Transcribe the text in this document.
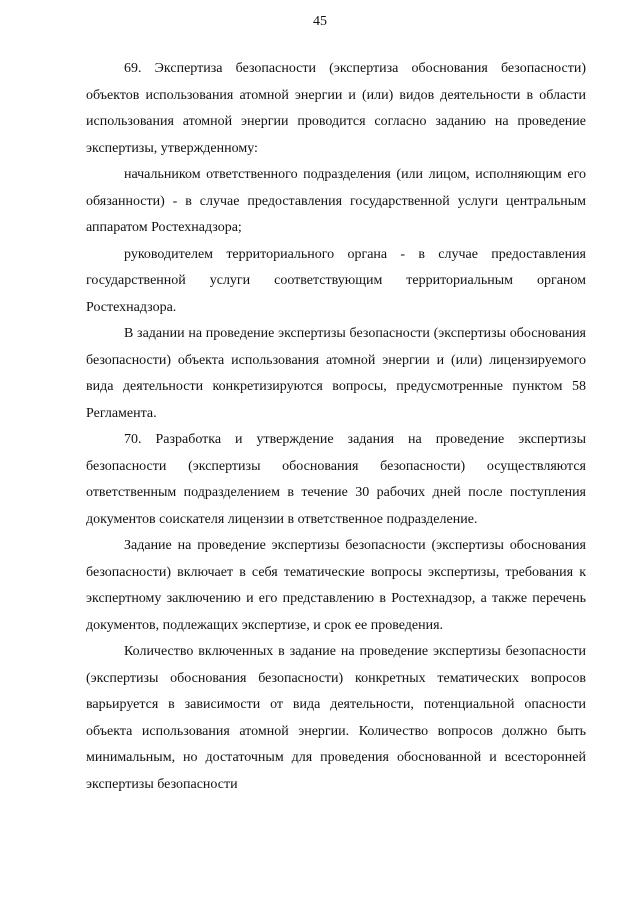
45

69. Экспертиза безопасности (экспертиза обоснования безопасности) объектов использования атомной энергии и (или) видов деятельности в области использования атомной энергии проводится согласно заданию на проведение экспертизы, утвержденному:

начальником ответственного подразделения (или лицом, исполняющим его обязанности) - в случае предоставления государственной услуги центральным аппаратом Ростехнадзора;

руководителем территориального органа - в случае предоставления государственной услуги соответствующим территориальным органом Ростехнадзора.

В задании на проведение экспертизы безопасности (экспертизы обоснования безопасности) объекта использования атомной энергии и (или) лицензируемого вида деятельности конкретизируются вопросы, предусмотренные пунктом 58 Регламента.

70. Разработка и утверждение задания на проведение экспертизы безопасности (экспертизы обоснования безопасности) осуществляются ответственным подразделением в течение 30 рабочих дней после поступления документов соискателя лицензии в ответственное подразделение.

Задание на проведение экспертизы безопасности (экспертизы обоснования безопасности) включает в себя тематические вопросы экспертизы, требования к экспертному заключению и его представлению в Ростехнадзор, а также перечень документов, подлежащих экспертизе, и срок ее проведения.

Количество включенных в задание на проведение экспертизы безопасности (экспертизы обоснования безопасности) конкретных тематических вопросов варьируется в зависимости от вида деятельности, потенциальной опасности объекта использования атомной энергии. Количество вопросов должно быть минимальным, но достаточным для проведения обоснованной и всесторонней экспертизы безопасности
